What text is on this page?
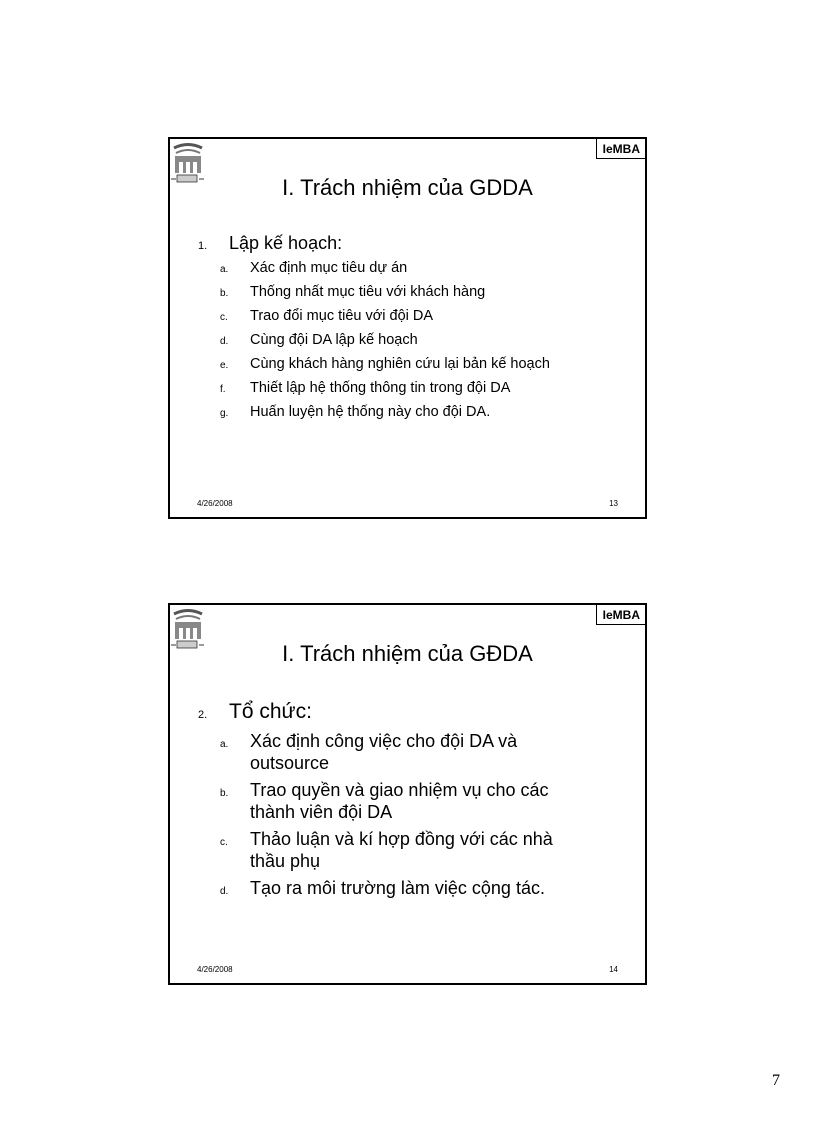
IeMBA
I. Trách nhiệm của GDDA
1.	Lập kế hoạch:
a.	Xác định mục tiêu dự án
b.	Thống nhất mục tiêu với khách hàng
c.	Trao đổi mục tiêu với đội DA
d.	Cùng đội DA lập kế hoạch
e.	Cùng khách hàng nghiên cứu lại bản kế hoạch
f.	Thiết lập hệ thống thông tin trong đội DA
g.	Huấn luyện hệ thống này cho đội DA.
4/26/2008	13
IeMBA
I. Trách nhiệm của GĐDA
2.	Tổ chức:
a.	Xác định công việc cho đội DA và outsource
b.	Trao quyền và giao nhiệm vụ cho các thành viên đội DA
c.	Thảo luận và kí hợp đồng với các nhà thầu phụ
d.	Tạo ra môi trường làm việc cộng tác.
4/26/2008	14
7
